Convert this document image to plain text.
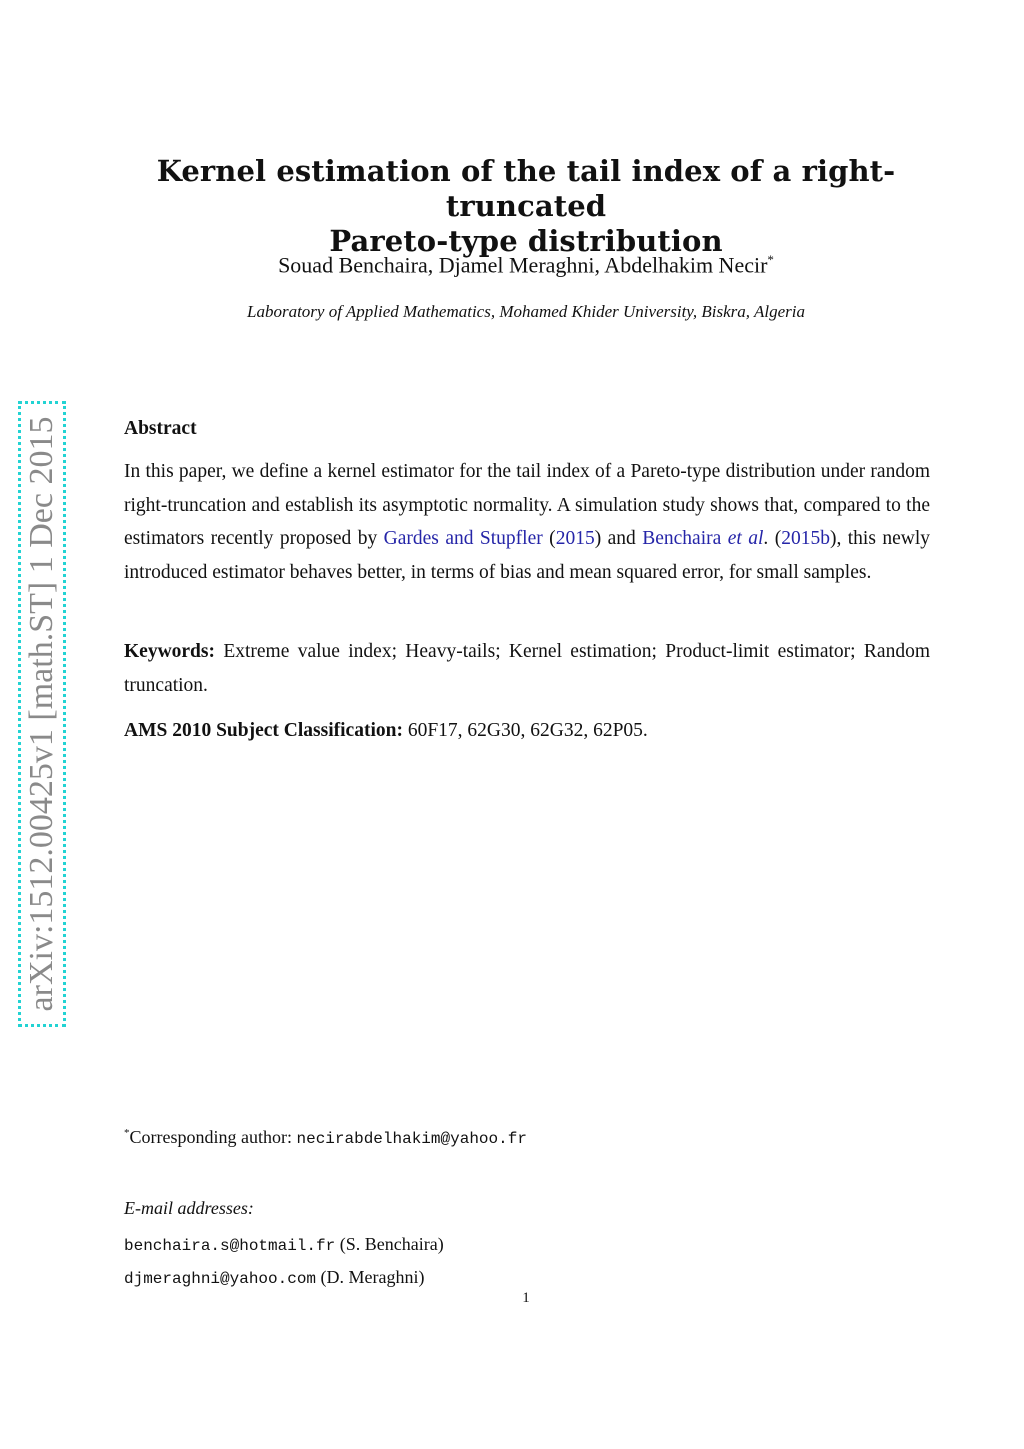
arXiv:1512.00425v1 [math.ST] 1 Dec 2015
Kernel estimation of the tail index of a right-truncated
Pareto-type distribution
Souad Benchaira, Djamel Meraghni, Abdelhakim Necir*
Laboratory of Applied Mathematics, Mohamed Khider University, Biskra, Algeria
Abstract
In this paper, we define a kernel estimator for the tail index of a Pareto-type distribution under random right-truncation and establish its asymptotic normality. A simulation study shows that, compared to the estimators recently proposed by Gardes and Stupfler (2015) and Benchaira et al. (2015b), this newly introduced estimator behaves better, in terms of bias and mean squared error, for small samples.
Keywords: Extreme value index; Heavy-tails; Kernel estimation; Product-limit estimator; Random truncation.
AMS 2010 Subject Classification: 60F17, 62G30, 62G32, 62P05.
*Corresponding author: necirabdelhakim@yahoo.fr
E-mail addresses:
benchaira.s@hotmail.fr (S. Benchaira)
djmeraghni@yahoo.com (D. Meraghni)
1
